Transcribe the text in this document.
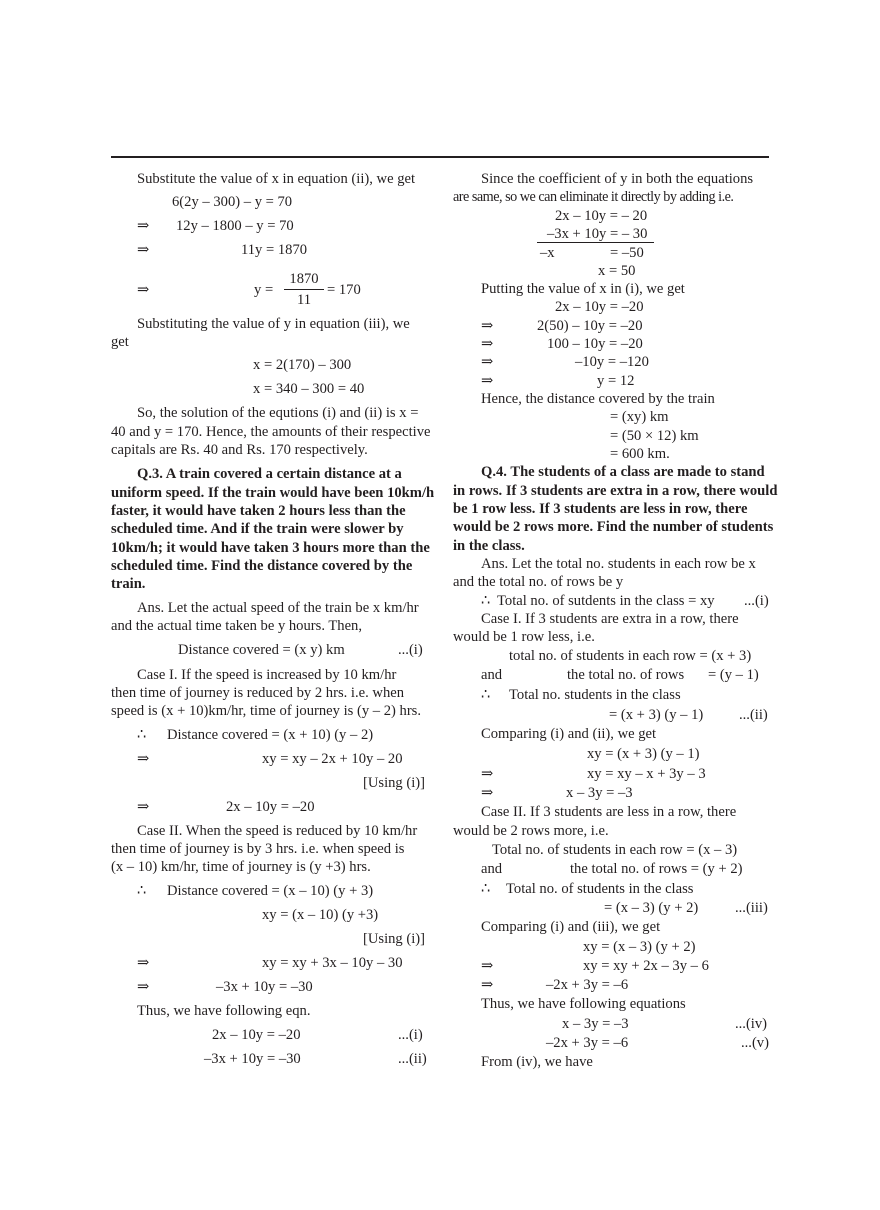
Substitute the value of x in equation (ii), we get
6(2y – 300) – y = 70
⇒ 12y – 1800 – y = 70
⇒	11y = 1870
⇒	y =
1870
11
= 170
Substituting the value of y in equation (iii), we
get
x = 2(170) – 300
x = 340 – 300 = 40
So, the solution of the equtions (i) and (ii) is x =
40 and y = 170. Hence, the amounts of their respective
capitals are Rs. 40 and Rs. 170 respectively.
Q.3. A train covered a certain distance at a
uniform speed. If the train would have been 10km/h
faster, it would have taken 2 hours less than the
scheduled time. And if the train were slower by
10km/h; it would have taken 3 hours more than the
scheduled time. Find the distance covered by the
train.
Ans. Let the actual speed of the train be x km/hr
and the actual time taken be y hours. Then,
Distance covered = (x y) km	...(i)
Case I. If the speed is increased by 10 km/hr
then time of journey is reduced by 2 hrs. i.e. when
speed is (x + 10)km/hr, time of journey is (y – 2) hrs.
∴ Distance covered = (x + 10) (y – 2)
⇒	xy = xy – 2x + 10y – 20
[Using (i)]
⇒	2x – 10y = –20
Case II. When the speed is reduced by 10 km/hr
then time of journey is by 3 hrs. i.e. when speed is
(x – 10) km/hr, time of journey is (y +3) hrs.
∴ Distance covered = (x – 10) (y + 3)
xy = (x – 10) (y +3)
[Using (i)]
⇒	xy = xy + 3x – 10y – 30
⇒	–3x + 10y = –30
Thus, we have following eqn.
2x – 10y = –20	...(i)
–3x + 10y = –30	...(ii)
Since the coefficient of y in both the equations
are same, so we can eliminate it directly by adding i.e.
2x – 10y = – 20
–3x + 10y = – 30
–x	= –50
x = 50
Putting the value of x in (i), we get
2x – 10y = –20
⇒	2(50) – 10y = –20
⇒	100 – 10y = –20
⇒	–10y = –120
⇒	y = 12
Hence, the distance covered by the train
= (xy) km
= (50 × 12) km
= 600 km.
Q.4. The students of a class are made to stand
in rows. If 3 students are extra in a row, there would
be 1 row less. If 3 students are less in row, there
would be 2 rows more. Find the number of students
in the class.
Ans. Let the total no. students in each row be x
and the total no. of rows be y
∴ Total no. of sutdents in the class = xy ...(i)
Case I. If 3 students are extra in a row, there
would be 1 row less, i.e.
total no. of students in each row = (x + 3)
and	the total no. of rows = (y – 1)
∴ Total no. students in the class
= (x + 3) (y – 1) ...(ii)
Comparing (i) and (ii), we get
xy = (x + 3) (y – 1)
⇒	xy = xy – x + 3y – 3
⇒	x – 3y = –3
Case II. If 3 students are less in a row, there
would be 2 rows more, i.e.
Total no. of students in each row = (x – 3)
and	the total no. of rows = (y + 2)
∴ Total no. of students in the class
= (x – 3) (y + 2)	...(iii)
Comparing (i) and (iii), we get
xy = (x – 3) (y + 2)
⇒	xy = xy + 2x – 3y – 6
⇒	–2x + 3y = –6
Thus, we have following equations
x – 3y = –3	...(iv)
–2x + 3y = –6	...(v)
From (iv), we have
